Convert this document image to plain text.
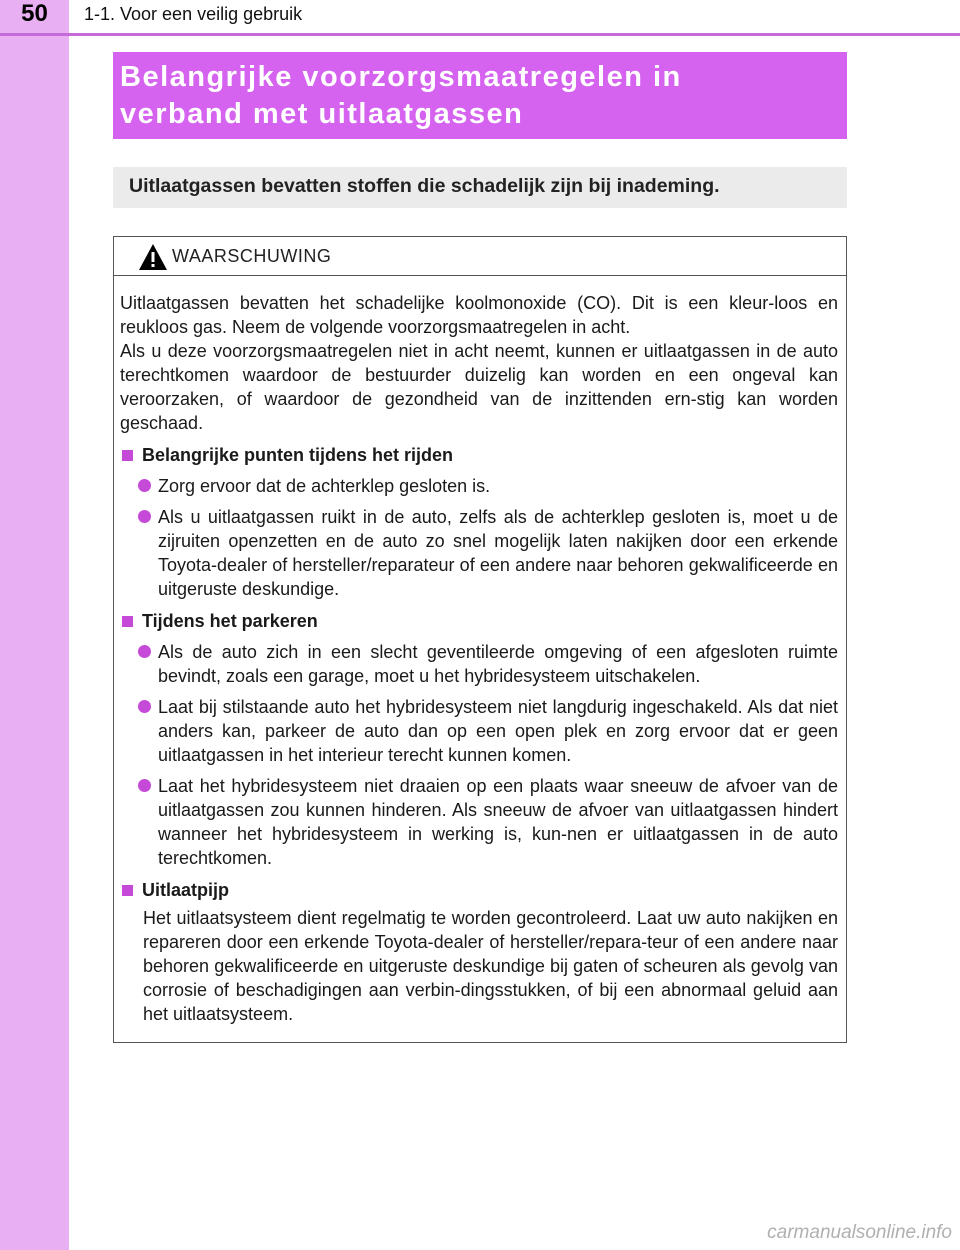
50	1-1. Voor een veilig gebruik

Belangrijke voorzorgsmaatregelen in

verband met uitlaatgassen

Uitlaatgassen bevatten stoffen die schadelijk zijn bij inademing.
WAARSCHUWING

Uitlaatgassen bevatten het schadelijke koolmonoxide (CO). Dit is een kleur-loos en reukloos gas. Neem de volgende voorzorgsmaatregelen in acht.

Als u deze voorzorgsmaatregelen niet in acht neemt, kunnen er uitlaatgassen in de auto terechtkomen waardoor de bestuurder duizelig kan worden en een ongeval kan veroorzaken, of waardoor de gezondheid van de inzittenden ern-stig kan worden geschaad.

Belangrijke punten tijdens het rijden
Zorg ervoor dat de achterklep gesloten is.
Als u uitlaatgassen ruikt in de auto, zelfs als de achterklep gesloten is, moet u de zijruiten openzetten en de auto zo snel mogelijk laten nakijken door een erkende Toyota-dealer of hersteller/reparateur of een andere naar behoren gekwalificeerde en uitgeruste deskundige.
Tijdens het parkeren
Als de auto zich in een slecht geventileerde omgeving of een afgesloten ruimte bevindt, zoals een garage, moet u het hybridesysteem uitschakelen.
Laat bij stilstaande auto het hybridesysteem niet langdurig ingeschakeld. Als dat niet anders kan, parkeer de auto dan op een open plek en zorg ervoor dat er geen uitlaatgassen in het interieur terecht kunnen komen.
Laat het hybridesysteem niet draaien op een plaats waar sneeuw de afvoer van de uitlaatgassen zou kunnen hinderen. Als sneeuw de afvoer van uitlaatgassen hindert wanneer het hybridesysteem in werking is, kun-nen er uitlaatgassen in de auto terechtkomen.
Uitlaatpijp

Het uitlaatsysteem dient regelmatig te worden gecontroleerd. Laat uw auto nakijken en repareren door een erkende Toyota-dealer of hersteller/repara-teur of een andere naar behoren gekwalificeerde en uitgeruste deskundige bij gaten of scheuren als gevolg van corrosie of beschadigingen aan verbin-dingsstukken, of bij een abnormaal geluid aan het uitlaatsysteem.

carmanualsonline.info
